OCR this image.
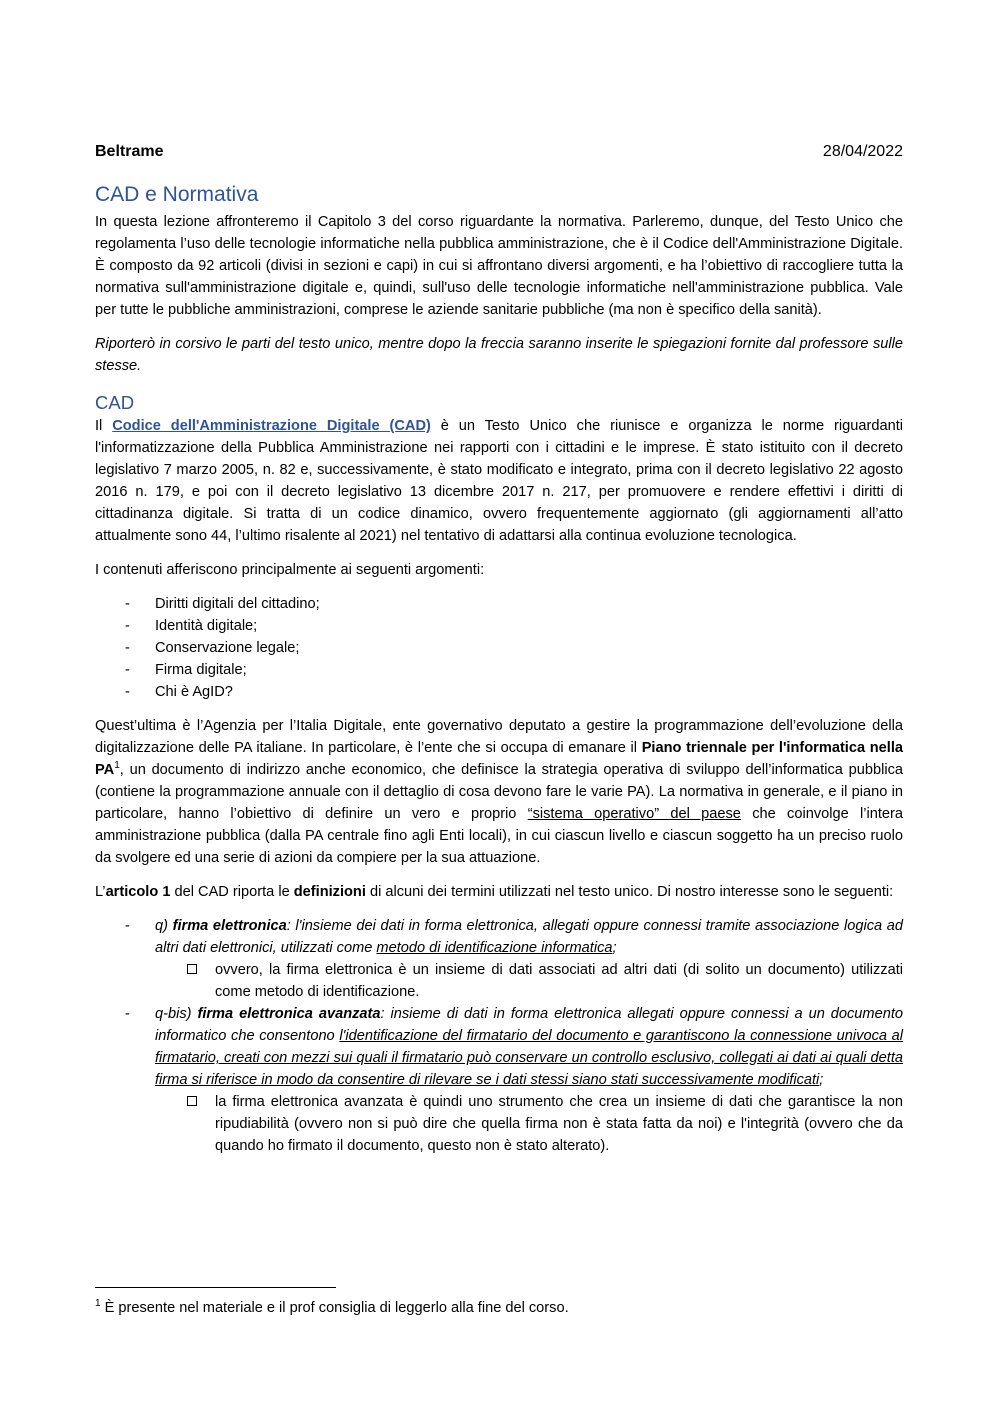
Beltrame	28/04/2022
CAD e Normativa

In questa lezione affronteremo il Capitolo 3 del corso riguardante la normativa. Parleremo, dunque, del Testo Unico che regolamenta l’uso delle tecnologie informatiche nella pubblica amministrazione, che è il Codice dell'Amministrazione Digitale. È composto da 92 articoli (divisi in sezioni e capi) in cui si affrontano diversi argomenti, e ha l’obiettivo di raccogliere tutta la normativa sull'amministrazione digitale e, quindi, sull'uso delle tecnologie informatiche nell'amministrazione pubblica. Vale per tutte le pubbliche amministrazioni, comprese le aziende sanitarie pubbliche (ma non è specifico della sanità).

Riporterò in corsivo le parti del testo unico, mentre dopo la freccia saranno inserite le spiegazioni fornite dal professore sulle stesse.

CAD

Il Codice dell'Amministrazione Digitale (CAD) è un Testo Unico che riunisce e organizza le norme riguardanti l'informatizzazione della Pubblica Amministrazione nei rapporti con i cittadini e le imprese. È stato istituito con il decreto legislativo 7 marzo 2005, n. 82 e, successivamente, è stato modificato e integrato, prima con il decreto legislativo 22 agosto 2016 n. 179, e poi con il decreto legislativo 13 dicembre 2017 n. 217, per promuovere e rendere effettivi i diritti di cittadinanza digitale. Si tratta di un codice dinamico, ovvero frequentemente aggiornato (gli aggiornamenti all’atto attualmente sono 44, l’ultimo risalente al 2021) nel tentativo di adattarsi alla continua evoluzione tecnologica.

I contenuti afferiscono principalmente ai seguenti argomenti:

- Diritti digitali del cittadino;
- Identità digitale;
- Conservazione legale;
- Firma digitale;
- Chi è AgID?

Quest’ultima è l’Agenzia per l’Italia Digitale, ente governativo deputato a gestire la programmazione dell’evoluzione della digitalizzazione delle PA italiane. In particolare, è l’ente che si occupa di emanare il Piano triennale per l'informatica nella $PA^1$, un documento di indirizzo anche economico, che definisce la strategia operativa di sviluppo dell’informatica pubblica (contiene la programmazione annuale con il dettaglio di cosa devono fare le varie PA). La normativa in generale, e il piano in particolare, hanno l’obiettivo di definire un vero e proprio “sistema operativo” del paese che coinvolge l’intera amministrazione pubblica (dalla PA centrale fino agli Enti locali), in cui ciascun livello e ciascun soggetto ha un preciso ruolo da svolgere ed una serie di azioni da compiere per la sua attuazione.

L’articolo 1 del CAD riporta le definizioni di alcuni dei termini utilizzati nel testo unico. Di nostro interesse sono le seguenti:

- q) firma elettronica: l'insieme dei dati in forma elettronica, allegati oppure connessi tramite associazione logica ad altri dati elettronici, utilizzati come metodo di identificazione informatica;
ovvero, la firma elettronica è un insieme di dati associati ad altri dati (di solito un documento) utilizzati come metodo di identificazione.
- q-bis) firma elettronica avanzata: insieme di dati in forma elettronica allegati oppure connessi a un documento informatico che consentono l'identificazione del firmatario del documento e garantiscono la connessione univoca al firmatario, creati con mezzi sui quali il firmatario può conservare un controllo esclusivo, collegati ai dati ai quali detta firma si riferisce in modo da consentire di rilevare se i dati stessi siano stati successivamente modificati;
la firma elettronica avanzata è quindi uno strumento che crea un insieme di dati che garantisce la non ripudiabilità (ovvero non si può dire che quella firma non è stata fatta da noi) e l'integrità (ovvero che da quando ho firmato il documento, questo non è stato alterato).
$^1$ È presente nel materiale e il prof consiglia di leggerlo alla fine del corso.
